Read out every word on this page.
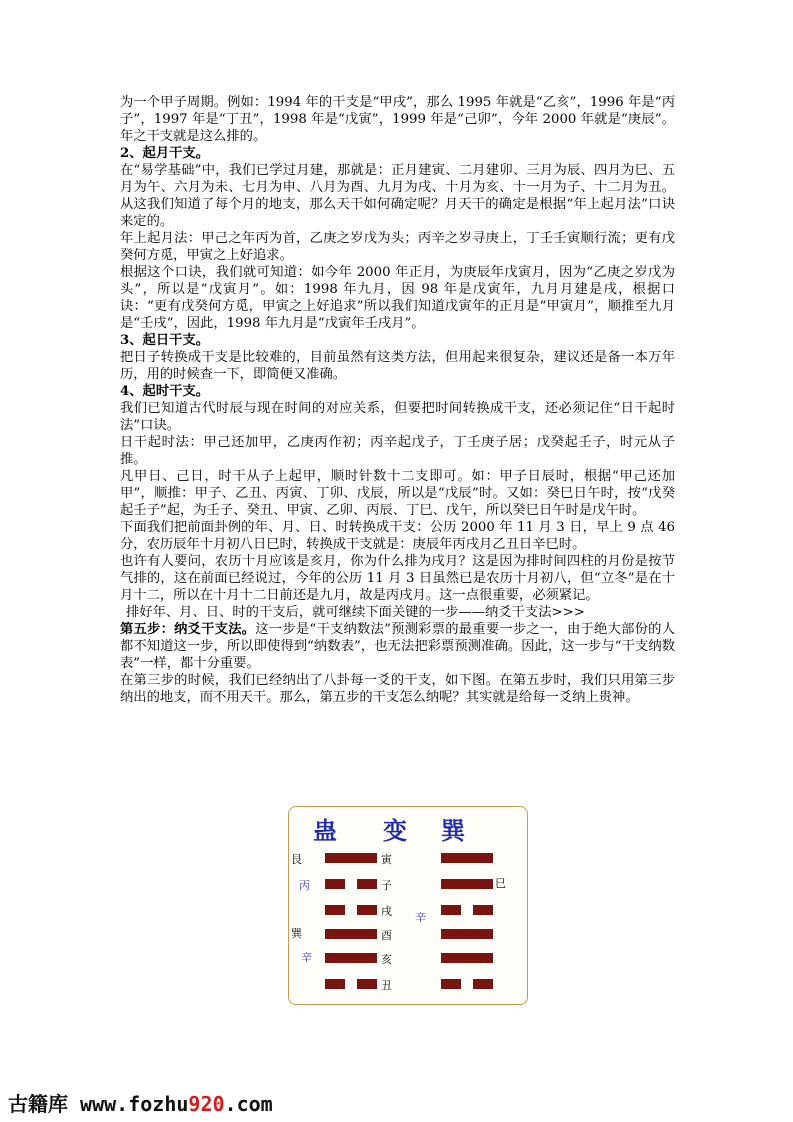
为一个甲子周期。例如：1994 年的干支是“甲戌”，那么 1995 年就是“乙亥”，1996 年是“丙子”，1997 年是“丁丑”，1998 年是“戊寅”，1999 年是“己卯”，今年 2000 年就是“庚辰”。年之干支就是这么排的。

2、起月干支。

在“易学基础”中，我们已学过月建，那就是：正月建寅、二月建卯、三月为辰、四月为巳、五月为午、六月为未、七月为申、八月为酉、九月为戌、十月为亥、十一月为子、十二月为丑。从这我们知道了每个月的地支，那么天干如何确定呢？月天干的确定是根据“年上起月法”口诀来定的。

年上起月法：甲己之年丙为首，乙庚之岁戊为头；丙辛之岁寻庚上，丁壬壬寅顺行流；更有戊癸何方觅，甲寅之上好追求。

根据这个口诀，我们就可知道：如今年 2000 年正月，为庚辰年戊寅月，因为“乙庚之岁戊为头”，所以是“戊寅月”。如：1998 年九月，因 98 年是戊寅年，九月月建是戌，根据口诀：“更有戊癸何方觅，甲寅之上好追求”所以我们知道戊寅年的正月是“甲寅月”，顺推至九月是“壬戌”，因此，1998 年九月是“戊寅年壬戌月”。

3、起日干支。

把日子转换成干支是比较难的，目前虽然有这类方法，但用起来很复杂，建议还是备一本万年历，用的时候查一下，即简便又准确。

4、起时干支。

我们已知道古代时辰与现在时间的对应关系，但要把时间转换成干支，还必须记住“日干起时法”口诀。

日干起时法：甲己还加甲，乙庚丙作初；丙辛起戊子，丁壬庚子居；戊癸起壬子，时元从子推。

凡甲日、己日，时干从子上起甲，顺时针数十二支即可。如：甲子日辰时，根据“甲己还加甲”，顺推：甲子、乙丑、丙寅、丁卯、戊辰，所以是“戊辰”时。又如：癸巳日午时，按“戊癸起壬子”起，为壬子、癸丑、甲寅、乙卯、丙辰、丁巳、戊午，所以癸巳日午时是戊午时。

下面我们把前面卦例的年、月、日、时转换成干支：公历 2000 年 11 月 3 日，早上 9 点 46 分，农历辰年十月初八日巳时，转换成干支就是：庚辰年丙戌月乙丑日辛巳时。

也许有人要问，农历十月应该是亥月，你为什么排为戌月？这是因为排时间四柱的月份是按节气排的，这在前面已经说过，今年的公历 11 月 3 日虽然已是农历十月初八，但“立冬”是在十月十二，所以在十月十二日前还是九月，故是丙戌月。这一点很重要，必须紧记。

排好年、月、日、时的干支后，就可继续下面关键的一步——纳爻干支法>>>

第五步：纳爻干支法。这一步是“干支纳数法”预测彩票的最重要一步之一，由于绝大部份的人都不知道这一步，所以即使得到“纳数表”，也无法把彩票预测准确。因此，这一步与“干支纳数表”一样，都十分重要。

在第三步的时候，我们已经纳出了八卦每一爻的干支，如下图。在第五步时，我们只用第三步纳出的地支，而不用天干。那么，第五步的干支怎么纳呢？其实就是给每一爻纳上贵神。

蛊 变 巽
艮
丙
巽
辛
寅
子
戌
酉
亥
丑
巳
辛
古籍库 www.fozhu920.com
